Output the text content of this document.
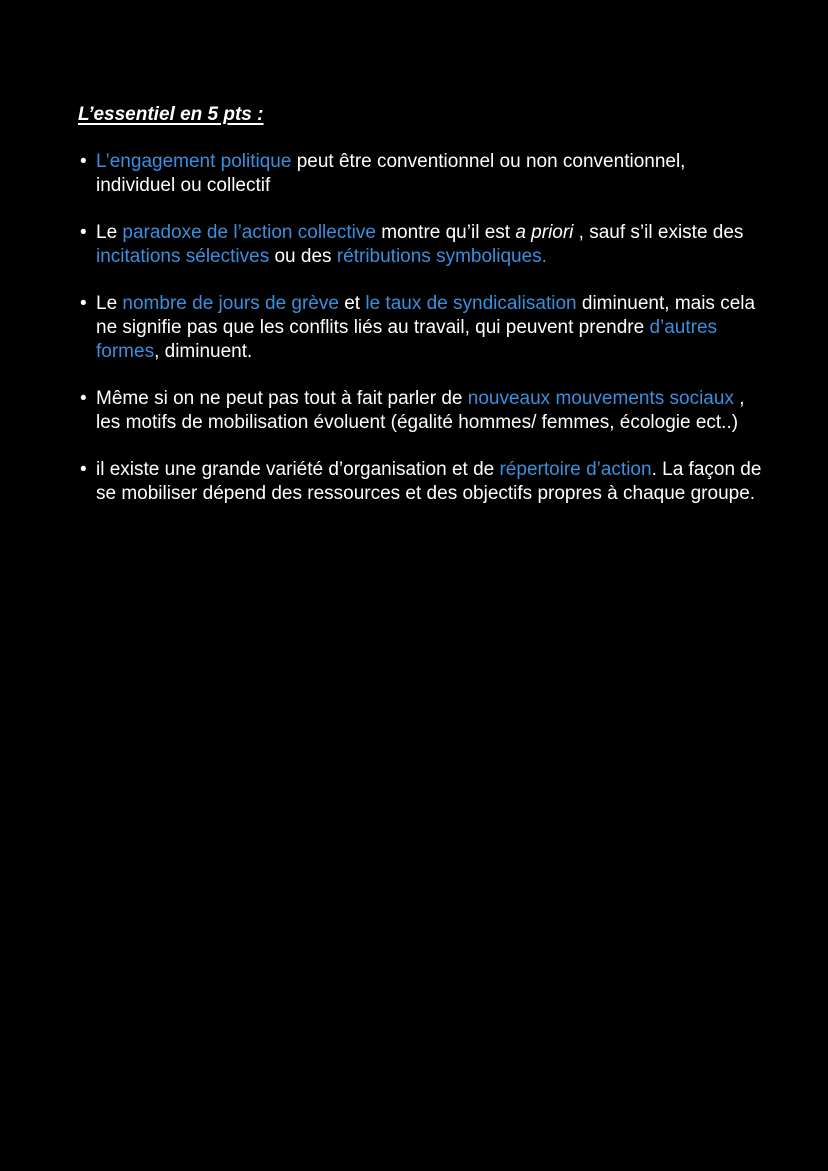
L’essentiel en 5 pts :
• L’engagement politique peut être conventionnel ou non conventionnel, individuel ou collectif
• Le paradoxe de l’action collective montre qu’il est a priori , sauf s’il existe des incitations sélectives ou des rétributions symboliques.
• Le nombre de jours de grève et le taux de syndicalisation diminuent, mais cela ne signifie pas que les conflits liés au travail, qui peuvent prendre d’autres formes, diminuent.
• Même si on ne peut pas tout à fait parler de nouveaux mouvements sociaux , les motifs de mobilisation évoluent (égalité hommes/ femmes, écologie ect..)
• il existe une grande variété d’organisation et de répertoire d’action. La façon de se mobiliser dépend des ressources et des objectifs propres à chaque groupe.
